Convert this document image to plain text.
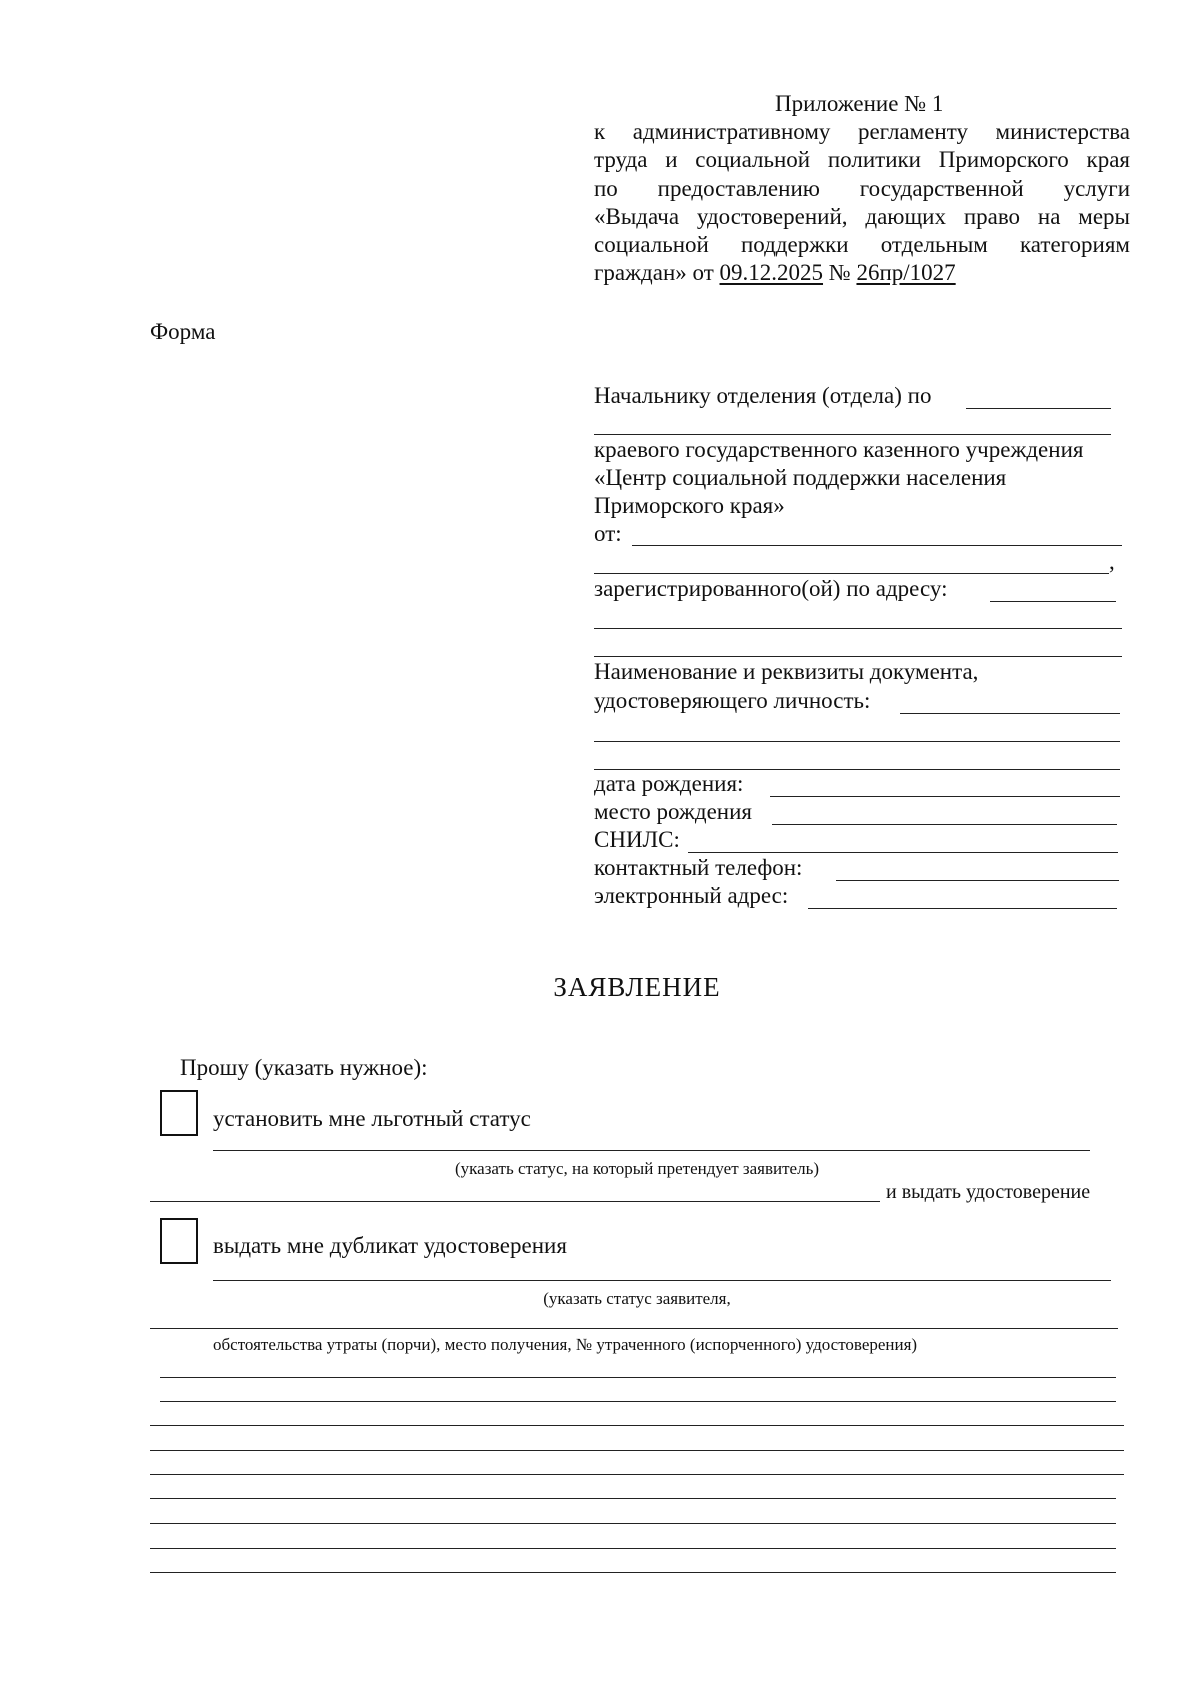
Приложение № 1
к административному регламенту министерства
труда и социальной политики Приморского края
по предоставлению государственной услуги
«Выдача удостоверений, дающих право на меры
социальной поддержки отдельным категориям
граждан» от 09.12.2025 № 26пр/1027
Форма
Начальнику отделения (отдела) по
краевого государственного казенного учреждения
«Центр социальной поддержки населения
Приморского края»
от:
,
зарегистрированного(ой) по адресу:
Наименование и реквизиты документа,
удостоверяющего личность:
дата рождения:
место рождения
СНИЛС:
контактный телефон:
электронный адрес:
ЗАЯВЛЕНИЕ
Прошу (указать нужное):
установить мне льготный статус
(указать статус, на который претендует заявитель)
и выдать удостоверение
выдать мне дубликат удостоверения
(указать статус заявителя,
обстоятельства утраты (порчи), место получения, № утраченного (испорченного) удостоверения)
